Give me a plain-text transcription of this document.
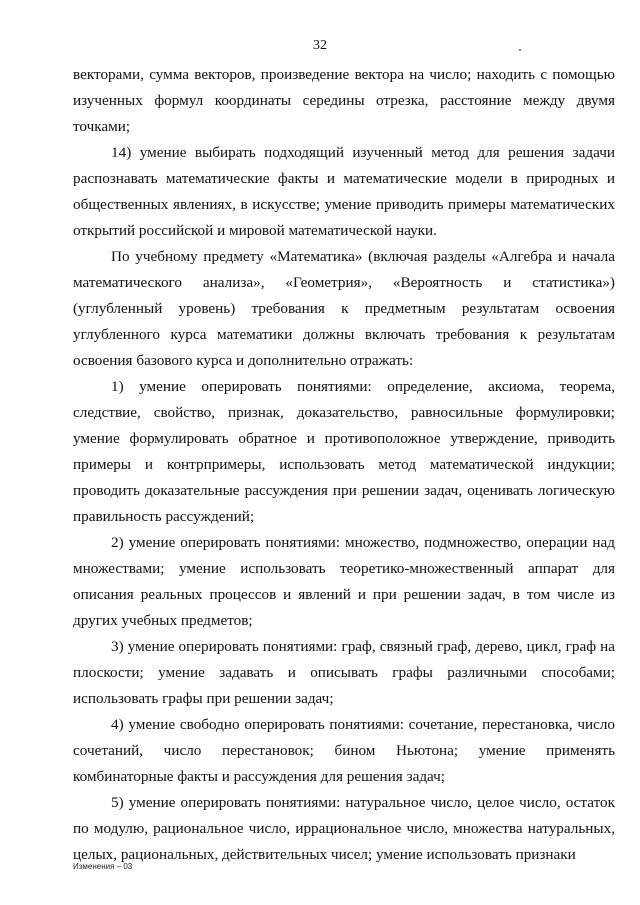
32

векторами, сумма векторов, произведение вектора на число; находить с помощью изученных формул координаты середины отрезка, расстояние между двумя точками;

14) умение выбирать подходящий изученный метод для решения задачи распознавать математические факты и математические модели в природных и общественных явлениях, в искусстве; умение приводить примеры математических открытий российской и мировой математической науки.

По учебному предмету «Математика» (включая разделы «Алгебра и начала математического анализа», «Геометрия», «Вероятность и статистика») (углубленный уровень) требования к предметным результатам освоения углубленного курса математики должны включать требования к результатам освоения базового курса и дополнительно отражать:

1) умение оперировать понятиями: определение, аксиома, теорема, следствие, свойство, признак, доказательство, равносильные формулировки; умение формулировать обратное и противоположное утверждение, приводить примеры и контрпримеры, использовать метод математической индукции; проводить доказательные рассуждения при решении задач, оценивать логическую правильность рассуждений;

2) умение оперировать понятиями: множество, подмножество, операции над множествами; умение использовать теоретико-множественный аппарат для описания реальных процессов и явлений и при решении задач, в том числе из других учебных предметов;

3) умение оперировать понятиями: граф, связный граф, дерево, цикл, граф на плоскости; умение задавать и описывать графы различными способами; использовать графы при решении задач;

4) умение свободно оперировать понятиями: сочетание, перестановка, число сочетаний, число перестановок; бином Ньютона; умение применять комбинаторные факты и рассуждения для решения задач;

5) умение оперировать понятиями: натуральное число, целое число, остаток по модулю, рациональное число, иррациональное число, множества натуральных, целых, рациональных, действительных чисел; умение использовать признаки

Изменения – 03
